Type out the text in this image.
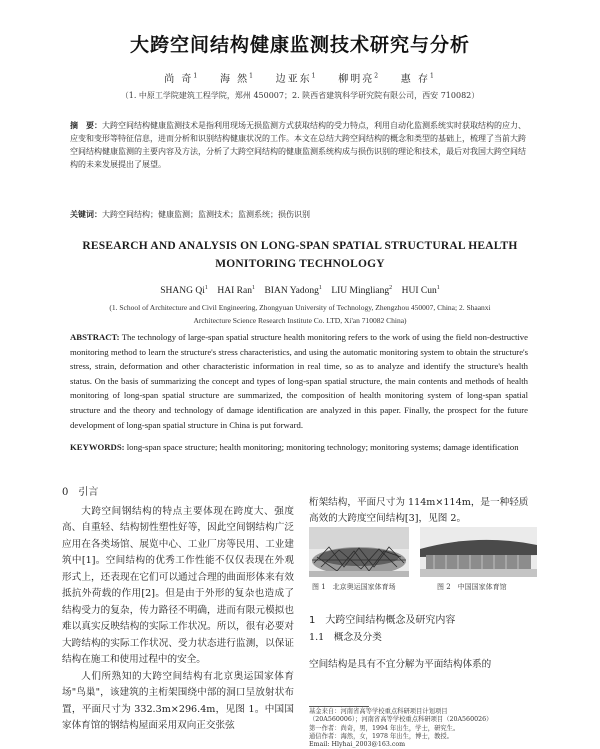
大跨空间结构健康监测技术研究与分析
尚 奇$^1$ 海 然$^1$ 边亚东$^1$ 柳明亮$^2$ 惠 存$^1$
（1. 中原工学院建筑工程学院，郑州 450007；2. 陕西省建筑科学研究院有限公司，西安 710082）
摘　要：大跨空间结构健康监测技术是指利用现场无损监测方式获取结构的受力特点，利用自动化监测系统实时获取结构的应力、应变和变形等特征信息，进而分析和识别结构健康状况的工作。本文在总结大跨空间结构的概念和类型的基础上，梳理了当前大跨空间结构健康监测的主要内容及方法，分析了大跨空间结构的健康监测系统构成与损伤识别的理论和技术，最后对我国大跨空间结构的未来发展提出了展望。
关键词：大跨空间结构；健康监测；监测技术；监测系统；损伤识别
RESEARCH AND ANALYSIS ON LONG-SPAN SPATIAL STRUCTURAL HEALTH
MONITORING TECHNOLOGY
SHANG Qi$^1$ HAI Ran$^1$ BIAN Yadong$^1$ LIU Mingliang$^2$ HUI Cun$^1$
(1. School of Architecture and Civil Engineering, Zhongyuan University of Technology, Zhengzhou 450007, China; 2. Shaanxi Architecture Science Research Institute Co. LTD, Xi'an 710082 China)
ABSTRACT: The technology of large-span spatial structure health monitoring refers to the work of using the field non-destructive monitoring method to learn the structure's stress characteristics, and using the automatic monitoring system to obtain the structure's stress, strain, deformation and other characteristic information in real time, so as to analyze and identify the structure's health status. On the basis of summarizing the concept and types of long-span spatial structure, the main contents and methods of health monitoring of long-span spatial structure are summarized, the composition of health monitoring system of long-span spatial structure and the theory and technology of damage identification are analyzed in this paper. Finally, the prospect for the future development of long-span spatial structure in China is put forward.
KEYWORDS: long-span space structure; health monitoring; monitoring technology; monitoring systems; damage identification
0　引言

大跨空间钢结构的特点主要体现在跨度大、强度高、自重轻、结构韧性塑性好等，因此空间钢结构广泛应用在各类场馆、展览中心、工业厂房等民用、工业建筑中[1]。空间结构的优秀工作性能不仅仅表现在外观形式上，还表现在它们可以通过合理的曲面形体来有效抵抗外荷载的作用[2]。但是由于外形的复杂也造成了结构受力的复杂，传力路径不明确，进而有限元模拟也难以真实反映结构的实际工作状况。所以，很有必要对大跨结构的实际工作状况、受力状态进行监测，以保证结构在施工和使用过程中的安全。

人们所熟知的大跨空间结构有北京奥运国家体育场"鸟巢"，该建筑的主桁架围绕中部的洞口呈放射状布置，平面尺寸为 332.3m×296.4m，见图 1。中国国家体育馆的钢结构屋面采用双向正交张弦

桁架结构，平面尺寸为 114m×114m，是一种轻质高效的大跨度空间结构[3]，见图 2。

图 1　北京奥运国家体育场	图 2　中国国家体育馆
1　大跨空间结构概念及研究内容
1.1　概念及分类

空间结构是具有不宜分解为平面结构体系的

基金来自：河南省高等学校重点科研项目计划项目
（20A560006）；河南省高等学校重点科研项目（20A560026）
第一作者：尚奇，男，1994 年出生，学士，研究生。
通信作者：海然，女，1978 年出生，博士，教授。
Email: Hlyhai_2003@163.com
